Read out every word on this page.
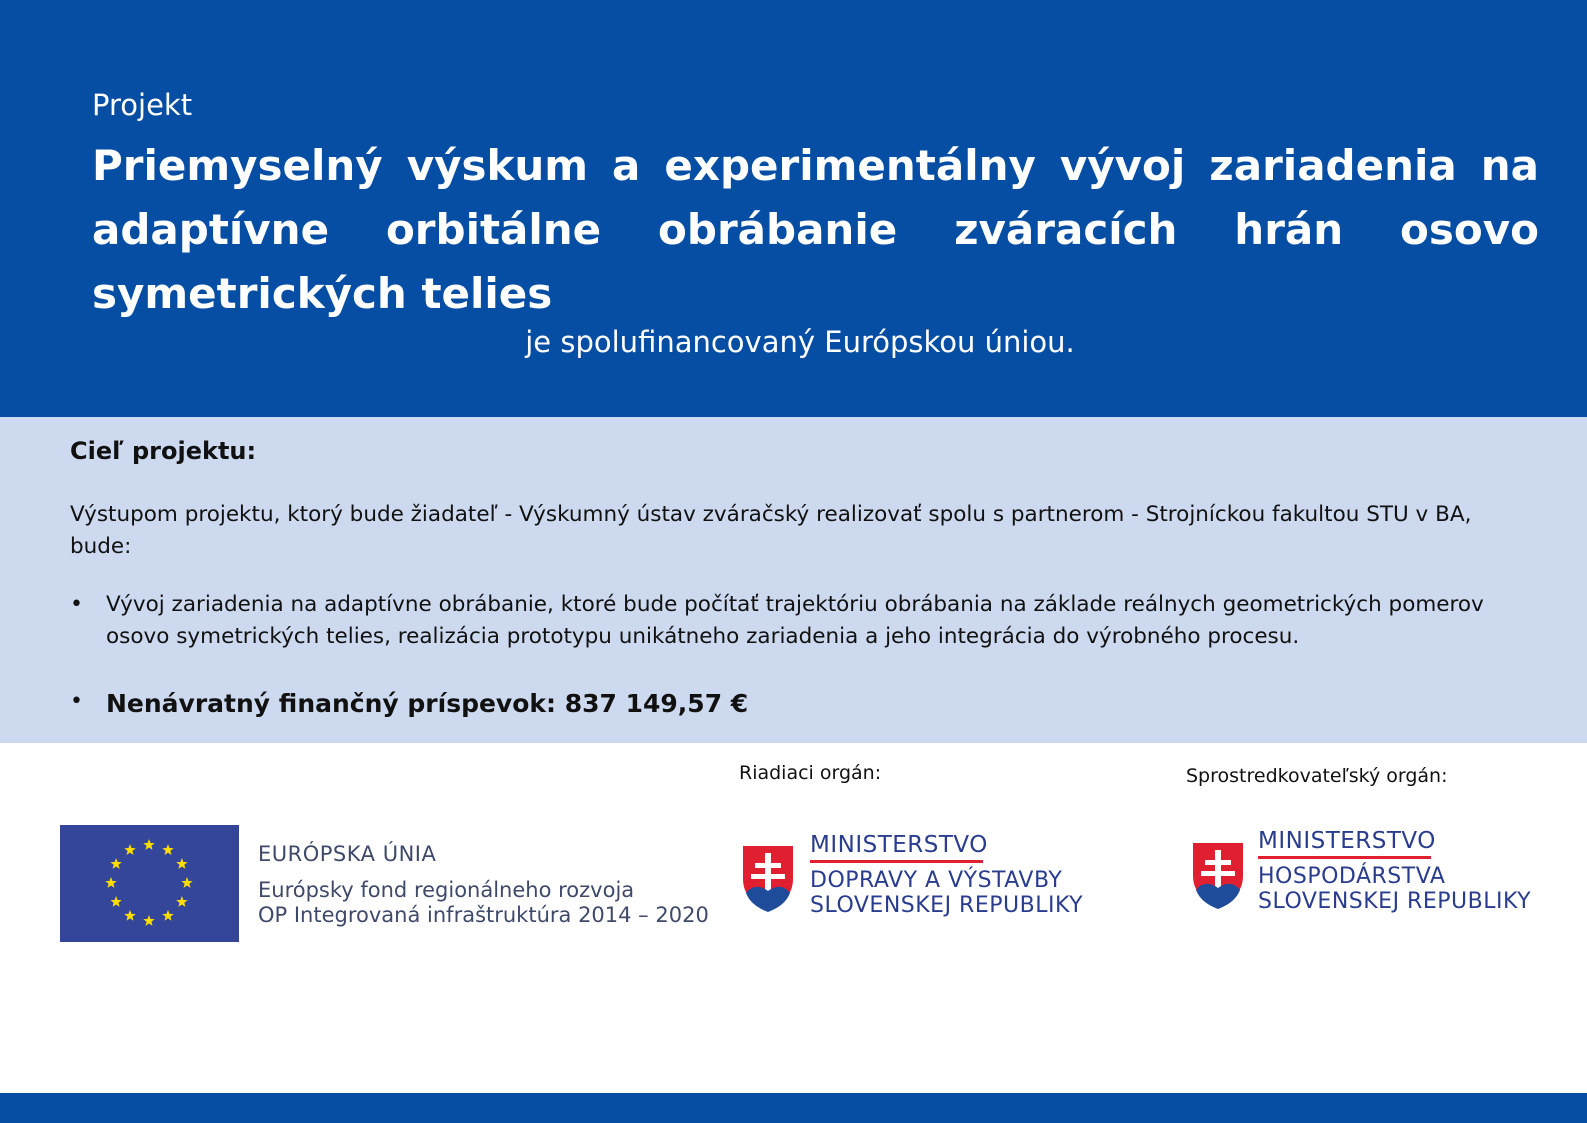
Projekt
Priemyselný výskum a experimentálny vývoj zariadenia na adaptívne orbitálne obrábanie zváracích hrán osovo symetrických telies
je spolufinancovaný Európskou úniou.
Cieľ projektu:
Výstupom projektu, ktorý bude žiadateľ - Výskumný ústav zváračský realizovať spolu s partnerom - Strojníckou fakultou STU v BA, bude:
• Vývoj zariadenia na adaptívne obrábanie, ktoré bude počítať trajektóriu obrábania na základe reálnych geometrických pomerov osovo symetrických telies, realizácia prototypu unikátneho zariadenia a jeho integrácia do výrobného procesu.
• Nenávratný finančný príspevok: 837 149,57 €
Riadiaci orgán:	Sprostredkovateľský orgán:
EURÓPSKA ÚNIA
Európsky fond regionálneho rozvoja
OP Integrovaná infraštruktúra 2014 – 2020
MINISTERSTVO
DOPRAVY A VÝSTAVBY
SLOVENSKEJ REPUBLIKY
MINISTERSTVO
HOSPODÁRSTVA
SLOVENSKEJ REPUBLIKY
